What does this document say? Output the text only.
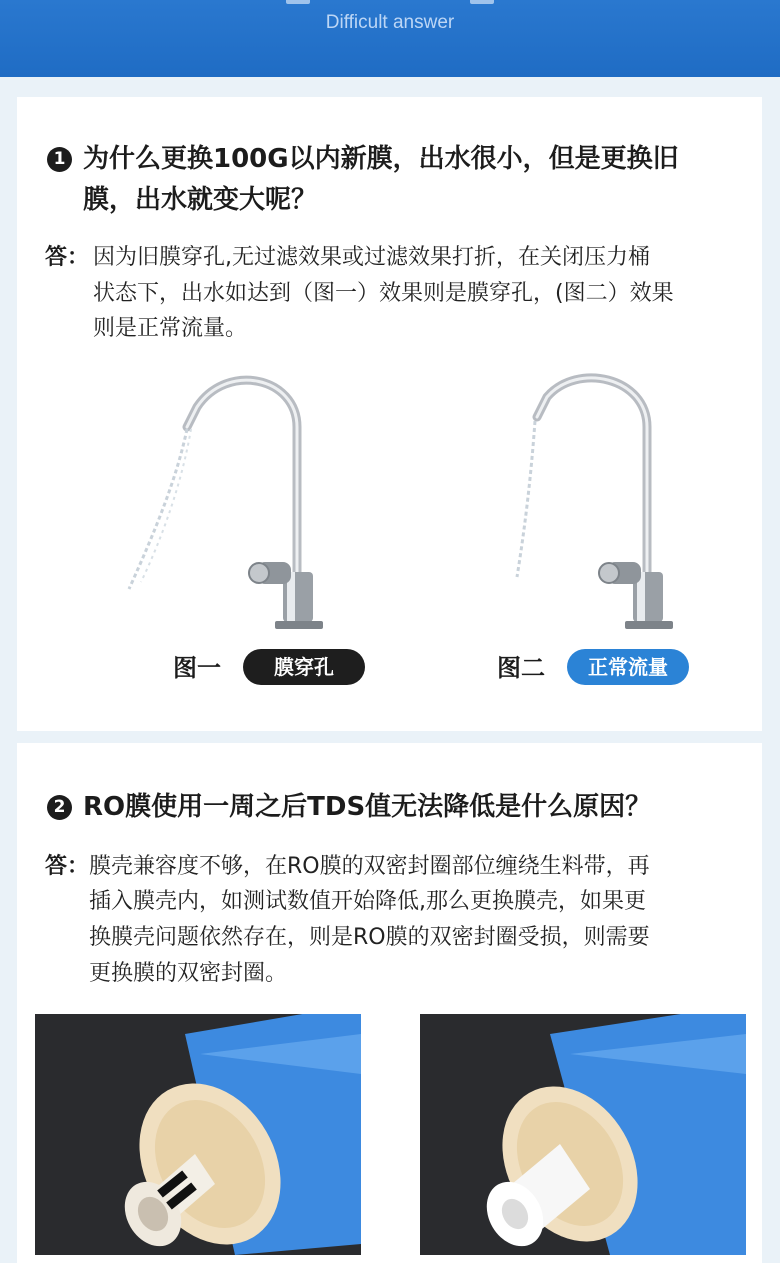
Difficult answer
1 为什么更换100G以内新膜，出水很小，但是更换旧
膜，出水就变大呢？
答： 因为旧膜穿孔,无过滤效果或过滤效果打折，在关闭压力桶
状态下，出水如达到（图一）效果则是膜穿孔，(图二）效果
则是正常流量。
图一	膜穿孔	图二	正常流量
2 RO膜使用一周之后TDS值无法降低是什么原因？
答： 膜壳兼容度不够，在RO膜的双密封圈部位缠绕生料带，再
插入膜壳内，如测试数值开始降低,那么更换膜壳，如果更
换膜壳问题依然存在，则是RO膜的双密封圈受损，则需要
更换膜的双密封圈。
